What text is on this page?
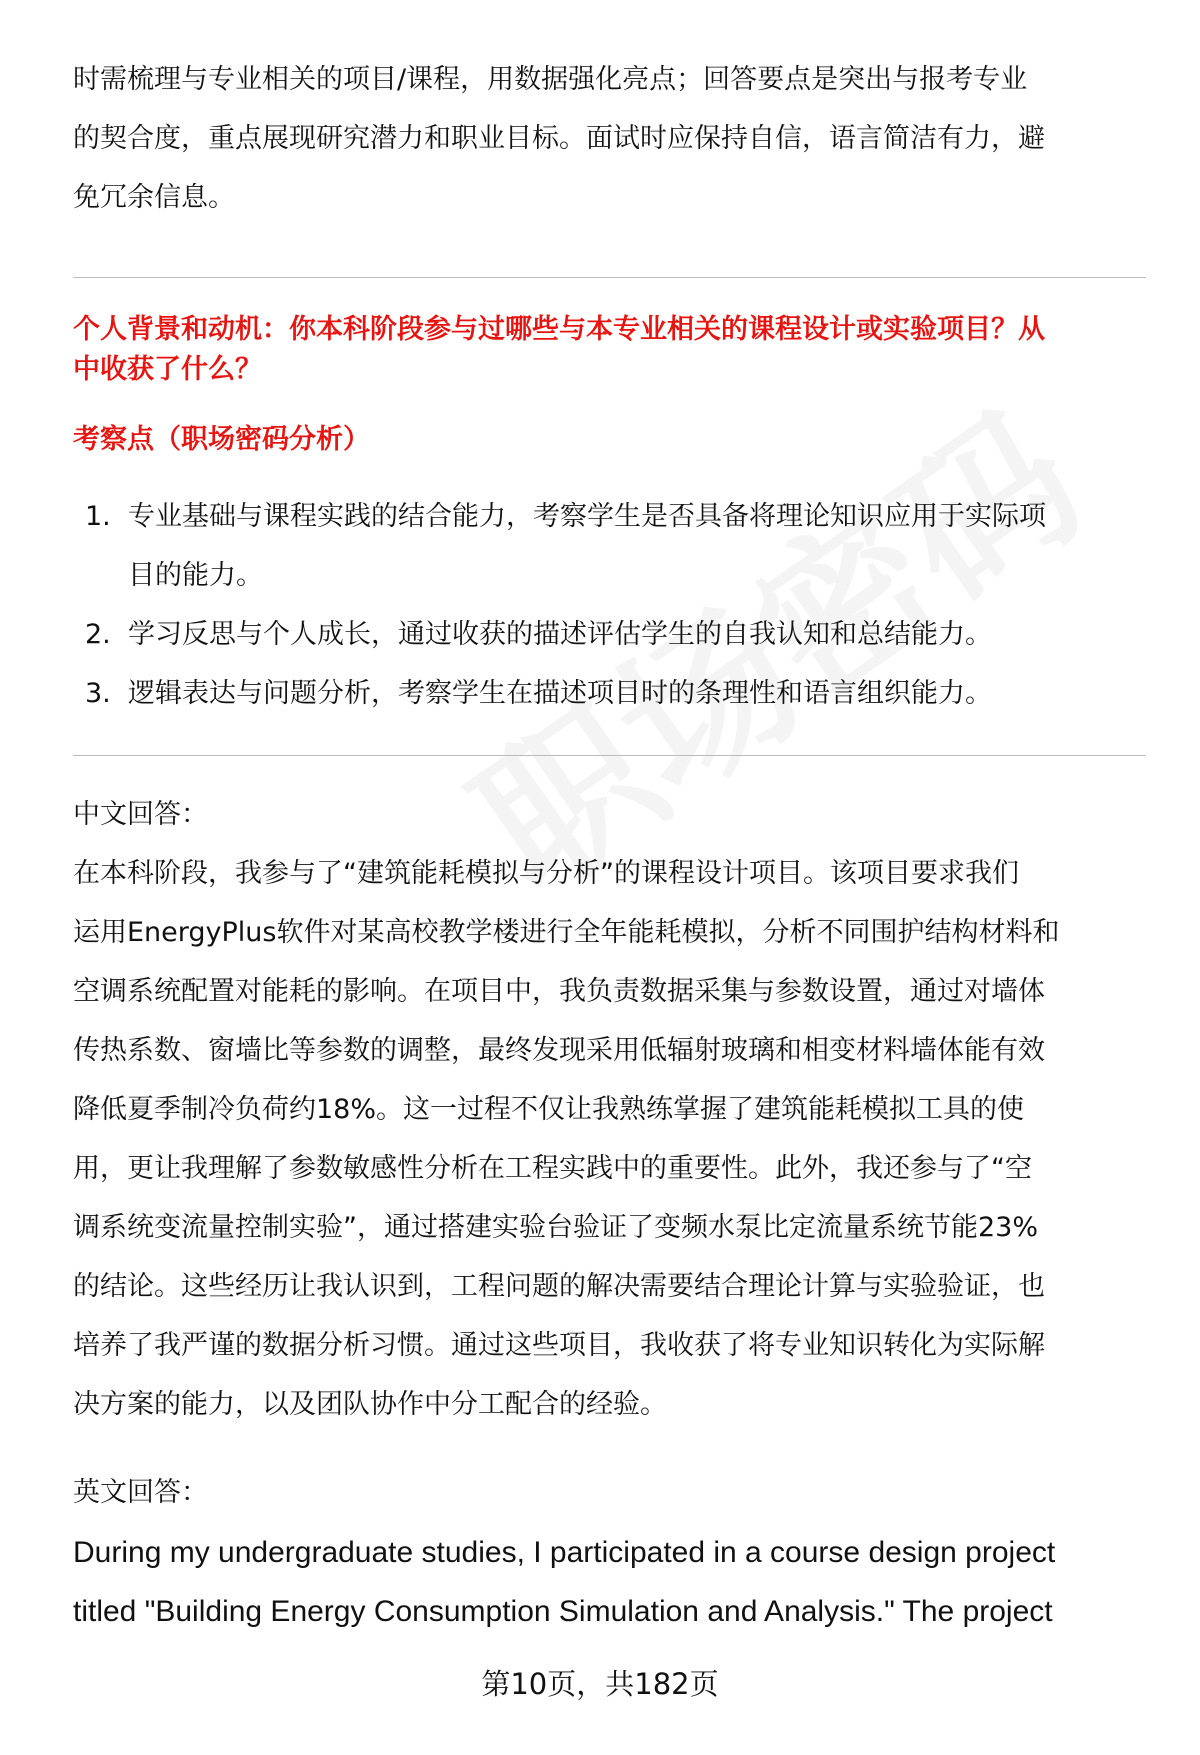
时需梳理与专业相关的项目/课程，用数据强化亮点；回答要点是突出与报考专业
的契合度，重点展现研究潜力和职业目标。面试时应保持自信，语言简洁有力，避
免冗余信息。
个人背景和动机：你本科阶段参与过哪些与本专业相关的课程设计或实验项目？从
中收获了什么？
考察点（职场密码分析）
1. 专业基础与课程实践的结合能力，考察学生是否具备将理论知识应用于实际项
目的能力。
2. 学习反思与个人成长，通过收获的描述评估学生的自我认知和总结能力。
3. 逻辑表达与问题分析，考察学生在描述项目时的条理性和语言组织能力。
中文回答：
在本科阶段，我参与了“建筑能耗模拟与分析”的课程设计项目。该项目要求我们
运用EnergyPlus软件对某高校教学楼进行全年能耗模拟，分析不同围护结构材料和
空调系统配置对能耗的影响。在项目中，我负责数据采集与参数设置，通过对墙体
传热系数、窗墙比等参数的调整，最终发现采用低辐射玻璃和相变材料墙体能有效
降低夏季制冷负荷约18%。这一过程不仅让我熟练掌握了建筑能耗模拟工具的使
用，更让我理解了参数敏感性分析在工程实践中的重要性。此外，我还参与了“空
调系统变流量控制实验”，通过搭建实验台验证了变频水泵比定流量系统节能23%
的结论。这些经历让我认识到，工程问题的解决需要结合理论计算与实验验证，也
培养了我严谨的数据分析习惯。通过这些项目，我收获了将专业知识转化为实际解
决方案的能力，以及团队协作中分工配合的经验。
英文回答：
During my undergraduate studies, I participated in a course design project
titled "Building Energy Consumption Simulation and Analysis." The project
第10页，共182页
